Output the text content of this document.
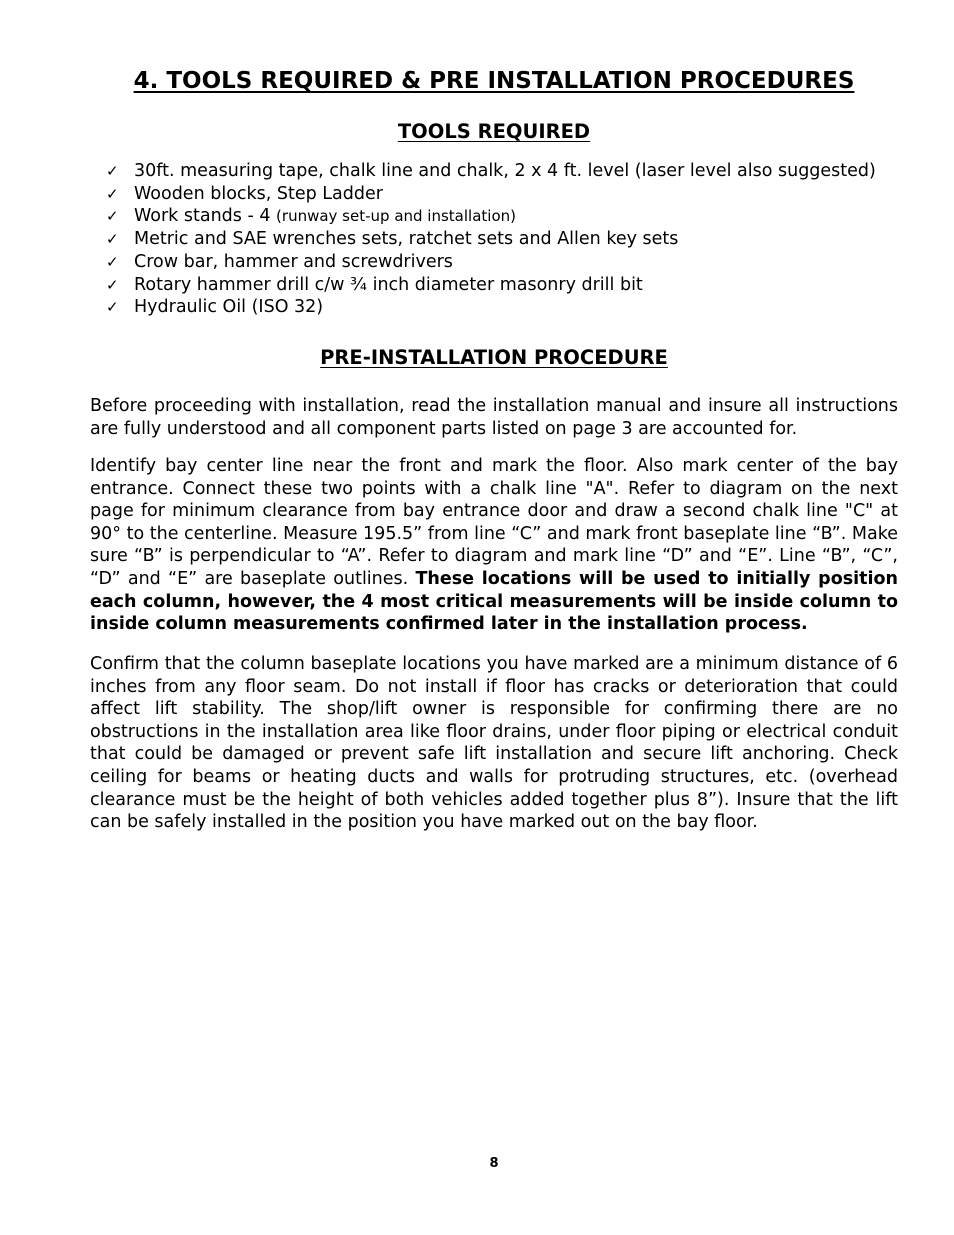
4. TOOLS REQUIRED & PRE INSTALLATION PROCEDURES
TOOLS REQUIRED
✓ 30ft. measuring tape, chalk line and chalk, 2 x 4 ft. level (laser level also suggested)
✓ Wooden blocks, Step Ladder
✓ Work stands - 4 (runway set-up and installation)
✓ Metric and SAE wrenches sets, ratchet sets and Allen key sets
✓ Crow bar, hammer and screwdrivers
✓ Rotary hammer drill c/w ¾ inch diameter masonry drill bit
✓ Hydraulic Oil (ISO 32)
PRE-INSTALLATION PROCEDURE

Before proceeding with installation, read the installation manual and insure all instructions are fully understood and all component parts listed on page 3 are accounted for.

Identify bay center line near the front and mark the floor. Also mark center of the bay entrance. Connect these two points with a chalk line "A". Refer to diagram on the next page for minimum clearance from bay entrance door and draw a second chalk line "C" at 90° to the centerline. Measure 195.5” from line “C” and mark front baseplate line “B”. Make sure “B” is perpendicular to “A”. Refer to diagram and mark line “D” and “E”. Line “B”, “C”, “D” and “E” are baseplate outlines. These locations will be used to initially position each column, however, the 4 most critical measurements will be inside column to inside column measurements confirmed later in the installation process.

Confirm that the column baseplate locations you have marked are a minimum distance of 6 inches from any floor seam. Do not install if floor has cracks or deterioration that could affect lift stability. The shop/lift owner is responsible for confirming there are no obstructions in the installation area like floor drains, under floor piping or electrical conduit that could be damaged or prevent safe lift installation and secure lift anchoring. Check ceiling for beams or heating ducts and walls for protruding structures, etc. (overhead clearance must be the height of both vehicles added together plus 8”). Insure that the lift can be safely installed in the position you have marked out on the bay floor.

8
